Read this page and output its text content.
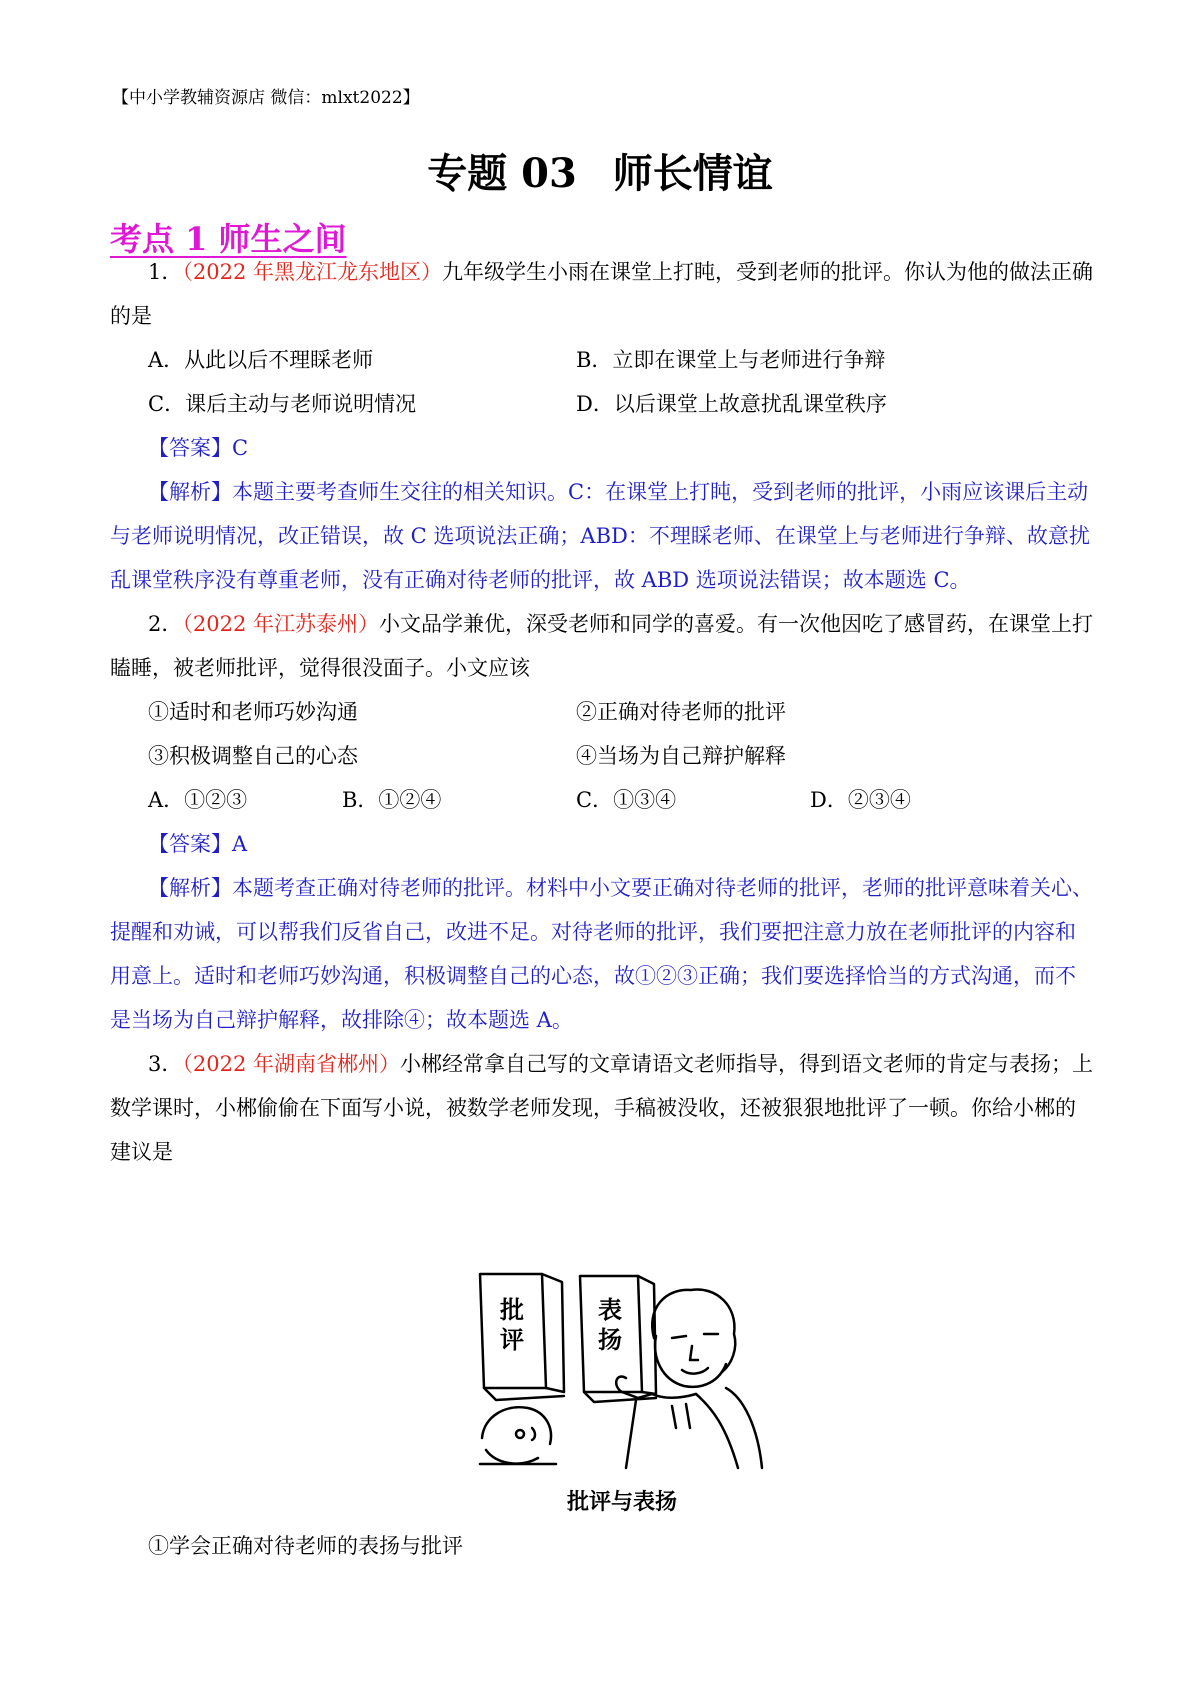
【中小学教辅资源店 微信：mlxt2022】
专题 03 师长情谊
考点 1 师生之间
1．（2022 年黑龙江龙东地区）九年级学生小雨在课堂上打盹，受到老师的批评。你认为他的做法正确
的是
A．从此以后不理睬老师	B．立即在课堂上与老师进行争辩
C．课后主动与老师说明情况	D．以后课堂上故意扰乱课堂秩序
【答案】C
【解析】本题主要考查师生交往的相关知识。C：在课堂上打盹，受到老师的批评，小雨应该课后主动
与老师说明情况，改正错误，故 C 选项说法正确；ABD：不理睬老师、在课堂上与老师进行争辩、故意扰
乱课堂秩序没有尊重老师，没有正确对待老师的批评，故 ABD 选项说法错误；故本题选 C。
2．（2022 年江苏泰州）小文品学兼优，深受老师和同学的喜爱。有一次他因吃了感冒药，在课堂上打
瞌睡，被老师批评，觉得很没面子。小文应该
①适时和老师巧妙沟通	②正确对待老师的批评
③积极调整自己的心态	④当场为自己辩护解释
A．①②③	B．①②④	C．①③④	D．②③④
【答案】A
【解析】本题考查正确对待老师的批评。材料中小文要正确对待老师的批评，老师的批评意味着关心、
提醒和劝诫，可以帮我们反省自己，改进不足。对待老师的批评，我们要把注意力放在老师批评的内容和
用意上。适时和老师巧妙沟通，积极调整自己的心态，故①②③正确；我们要选择恰当的方式沟通，而不
是当场为自己辩护解释，故排除④；故本题选 A。
3．（2022 年湖南省郴州）小郴经常拿自己写的文章请语文老师指导，得到语文老师的肯定与表扬；上
数学课时，小郴偷偷在下面写小说，被数学老师发现，手稿被没收，还被狠狠地批评了一顿。你给小郴的
建议是
批
评
表
扬
批评与表扬
①学会正确对待老师的表扬与批评
